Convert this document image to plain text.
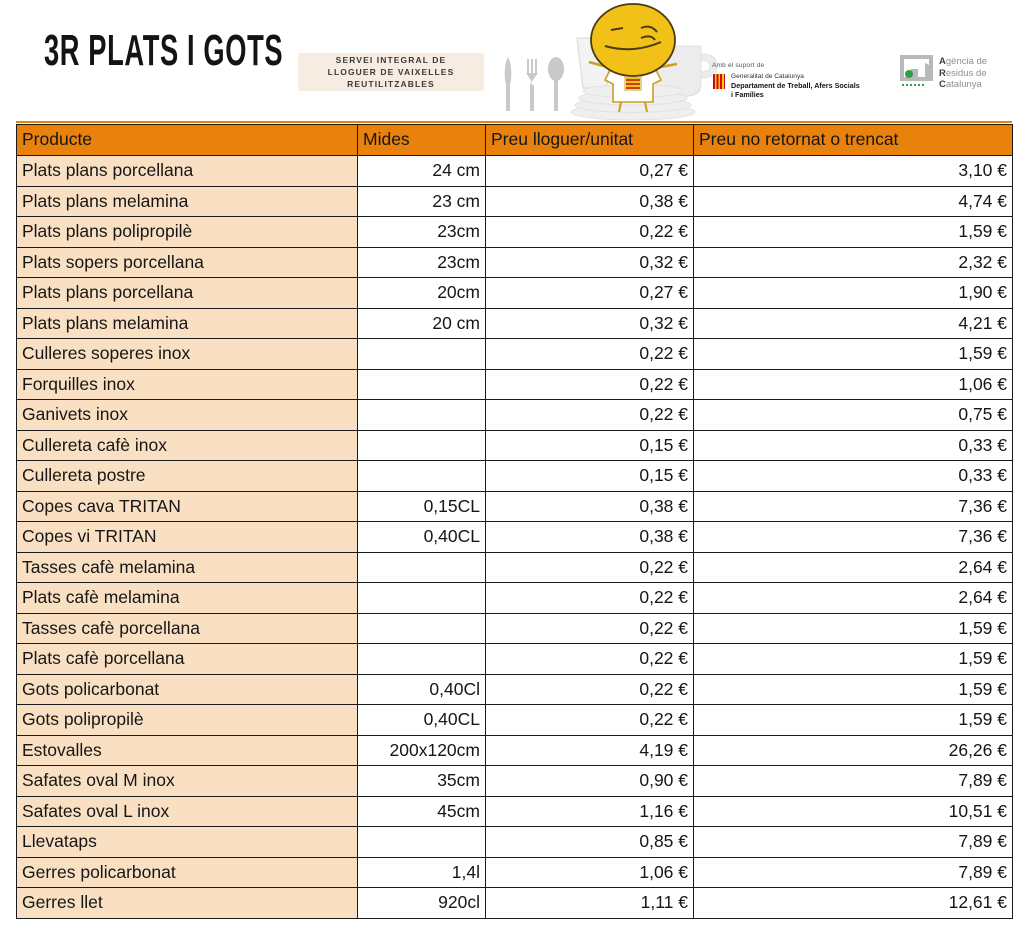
3R PLATS I GOTS	SERVEI INTEGRAL DE
LLOGUER DE VAIXELLES
REUTILITZABLES
Amb el suport de
Generalitat de Catalunya
Departament de Treball, Afers Socials
i Famílies
Agència de
Residus de
Catalunya
Producte	Mides	Preu lloguer/unitat	Preu no retornat o trencat
Plats plans porcellana	24 cm	0,27 €	3,10 €
Plats plans melamina	23 cm	0,38 €	4,74 €
Plats plans polipropilè	23cm	0,22 €	1,59 €
Plats sopers porcellana	23cm	0,32 €	2,32 €
Plats plans porcellana	20cm	0,27 €	1,90 €
Plats plans melamina	20 cm	0,32 €	4,21 €
Culleres soperes inox		0,22 €	1,59 €
Forquilles inox		0,22 €	1,06 €
Ganivets inox		0,22 €	0,75 €
Cullereta cafè inox		0,15 €	0,33 €
Cullereta postre		0,15 €	0,33 €
Copes cava TRITAN	0,15CL	0,38 €	7,36 €
Copes vi TRITAN	0,40CL	0,38 €	7,36 €
Tasses cafè melamina		0,22 €	2,64 €
Plats cafè melamina		0,22 €	2,64 €
Tasses cafè porcellana		0,22 €	1,59 €
Plats cafè porcellana		0,22 €	1,59 €
Gots policarbonat	0,40Cl	0,22 €	1,59 €
Gots polipropilè	0,40CL	0,22 €	1,59 €
Estovalles	200x120cm	4,19 €	26,26 €
Safates oval M inox	35cm	0,90 €	7,89 €
Safates oval L inox	45cm	1,16 €	10,51 €
Llevataps		0,85 €	7,89 €
Gerres policarbonat	1,4l	1,06 €	7,89 €
Gerres llet	920cl	1,11 €	12,61 €
